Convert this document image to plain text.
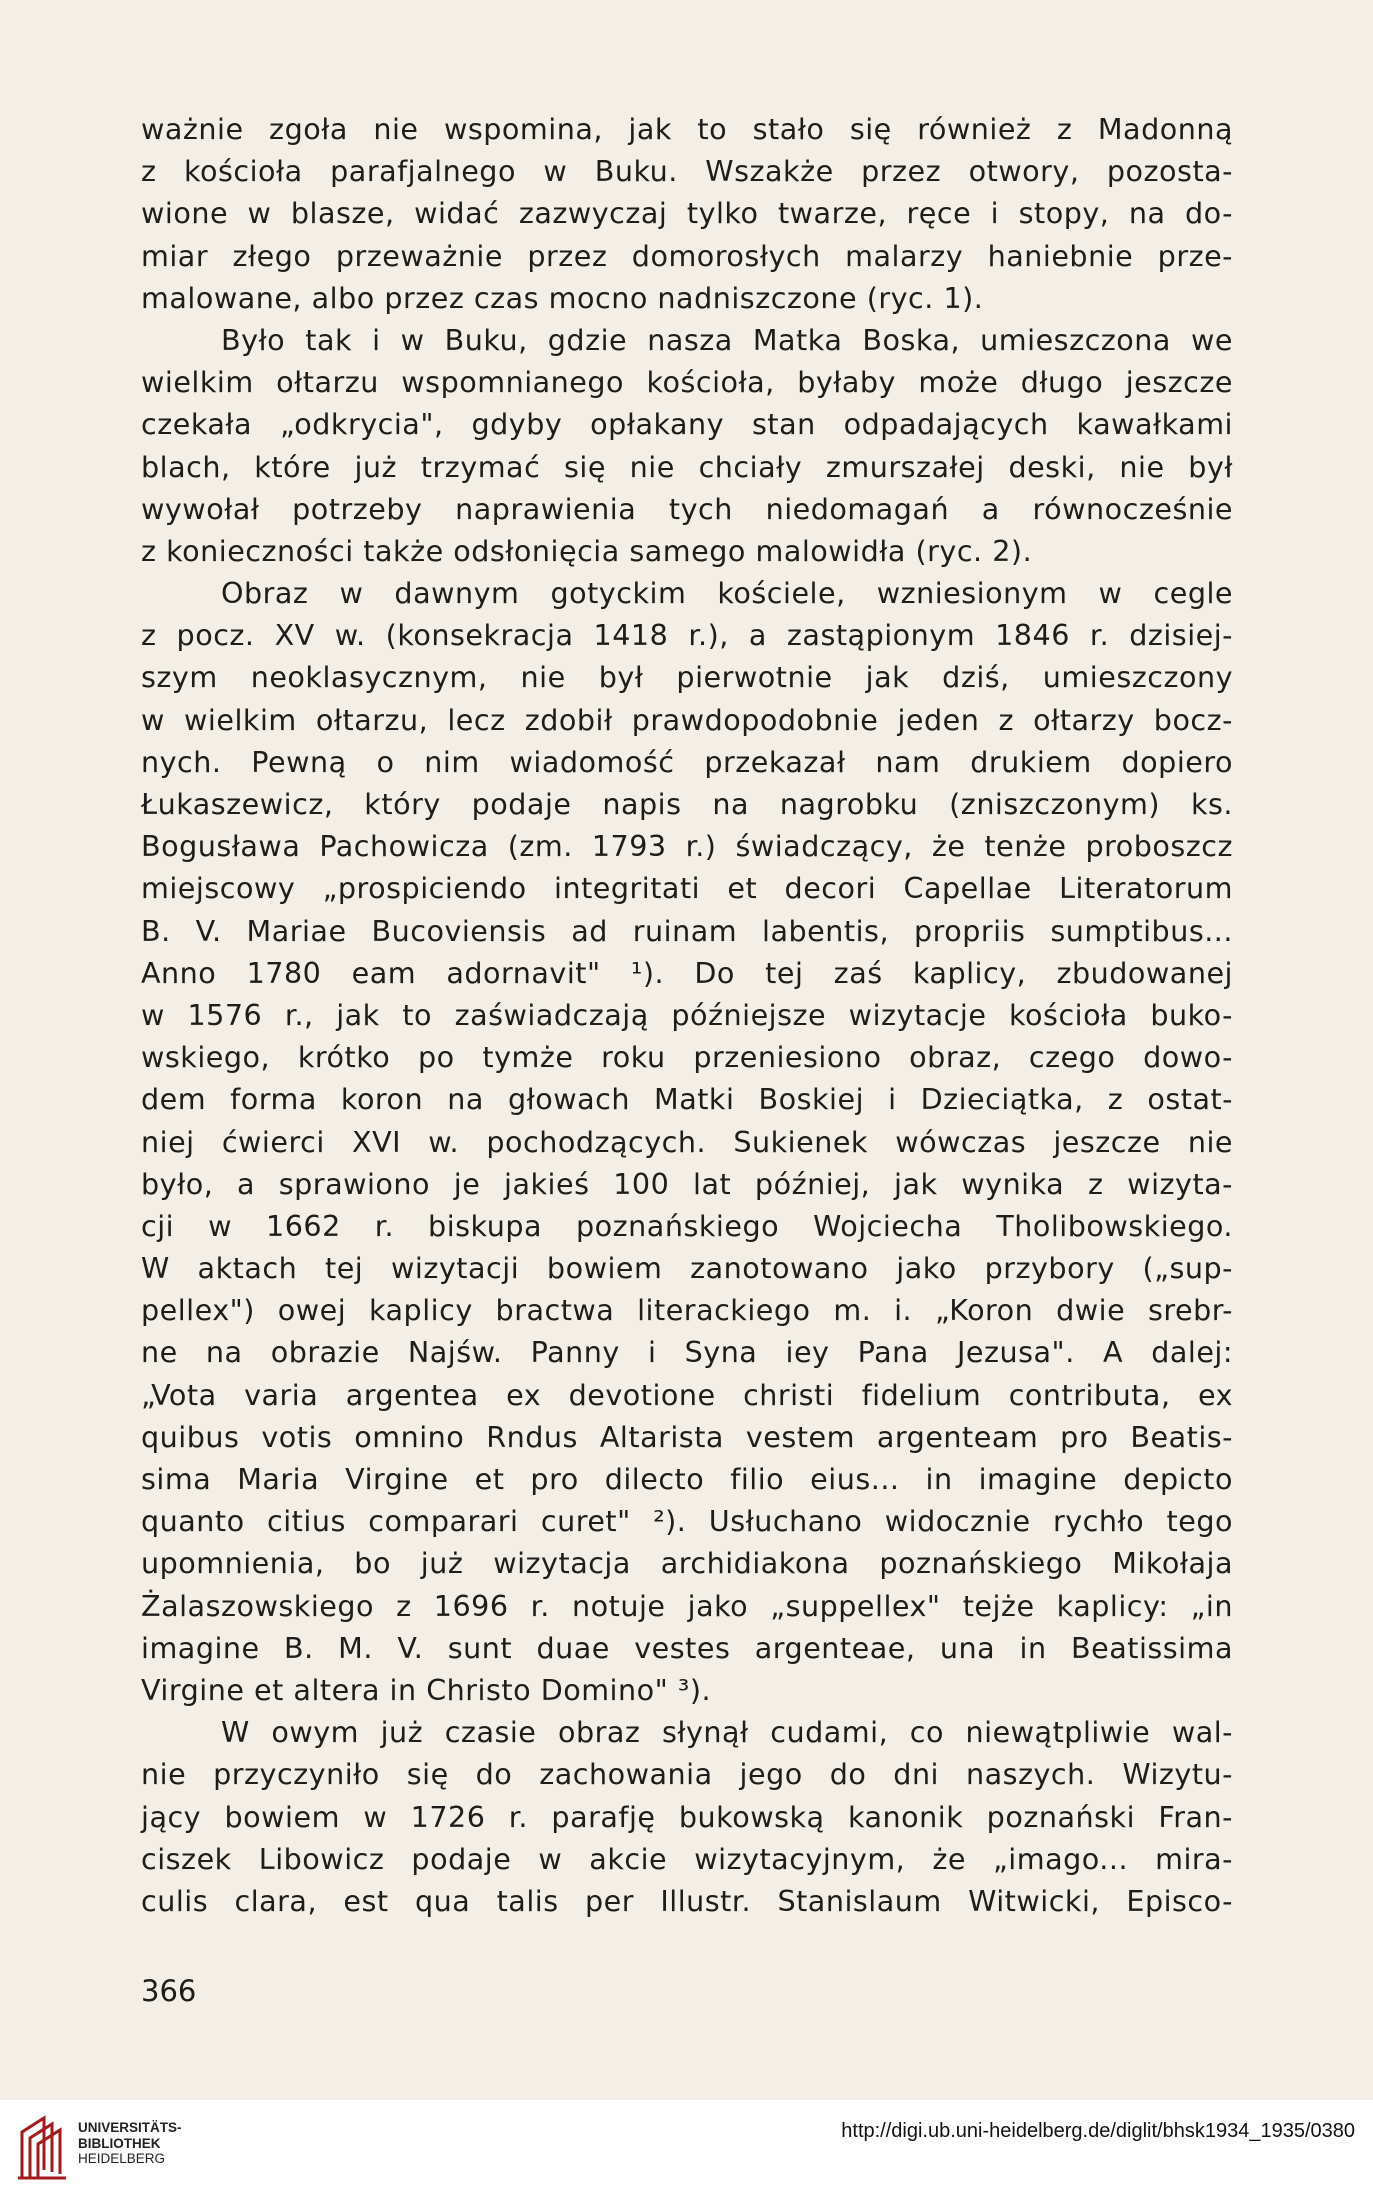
ważnie zgoła nie wspomina, jak to stało się również z Madonną
z kościoła parafjalnego w Buku. Wszakże przez otwory, pozosta-
wione w blasze, widać zazwyczaj tylko twarze, ręce i stopy, na do-
miar złego przeważnie przez domorosłych malarzy haniebnie prze-
malowane, albo przez czas mocno nadniszczone (ryc. 1).
Było tak i w Buku, gdzie nasza Matka Boska, umieszczona we
wielkim ołtarzu wspomnianego kościoła, byłaby może długo jeszcze
czekała „odkrycia", gdyby opłakany stan odpadających kawałkami
blach, które już trzymać się nie chciały zmurszałej deski, nie był
wywołał potrzeby naprawienia tych niedomagań a równocześnie
z konieczności także odsłonięcia samego malowidła (ryc. 2).
Obraz w dawnym gotyckim kościele, wzniesionym w cegle
z pocz. XV w. (konsekracja 1418 r.), a zastąpionym 1846 r. dzisiej-
szym neoklasycznym, nie był pierwotnie jak dziś, umieszczony
w wielkim ołtarzu, lecz zdobił prawdopodobnie jeden z ołtarzy bocz-
nych. Pewną o nim wiadomość przekazał nam drukiem dopiero
Łukaszewicz, który podaje napis na nagrobku (zniszczonym) ks.
Bogusława Pachowicza (zm. 1793 r.) świadczący, że tenże proboszcz
miejscowy „prospiciendo integritati et decori Capellae Literatorum
B. V. Mariae Bucoviensis ad ruinam labentis, propriis sumptibus...
Anno 1780 eam adornavit" ¹). Do tej zaś kaplicy, zbudowanej
w 1576 r., jak to zaświadczają późniejsze wizytacje kościoła buko-
wskiego, krótko po tymże roku przeniesiono obraz, czego dowo-
dem forma koron na głowach Matki Boskiej i Dzieciątka, z ostat-
niej ćwierci XVI w. pochodzących. Sukienek wówczas jeszcze nie
było, a sprawiono je jakieś 100 lat później, jak wynika z wizyta-
cji w 1662 r. biskupa poznańskiego Wojciecha Tholibowskiego.
W aktach tej wizytacji bowiem zanotowano jako przybory („sup-
pellex") owej kaplicy bractwa literackiego m. i. „Koron dwie srebr-
ne na obrazie Najśw. Panny i Syna iey Pana Jezusa". A dalej:
„Vota varia argentea ex devotione christi fidelium contributa, ex
quibus votis omnino Rndus Altarista vestem argenteam pro Beatis-
sima Maria Virgine et pro dilecto filio eius... in imagine depicto
quanto citius comparari curet" ²). Usłuchano widocznie rychło tego
upomnienia, bo już wizytacja archidiakona poznańskiego Mikołaja
Żalaszowskiego z 1696 r. notuje jako „suppellex" tejże kaplicy: „in
imagine B. M. V. sunt duae vestes argenteae, una in Beatissima
Virgine et altera in Christo Domino" ³).
W owym już czasie obraz słynął cudami, co niewątpliwie wal-
nie przyczyniło się do zachowania jego do dni naszych. Wizytu-
jący bowiem w 1726 r. parafję bukowską kanonik poznański Fran-
ciszek Libowicz podaje w akcie wizytacyjnym, że „imago... mira-
culis clara, est qua talis per Illustr. Stanislaum Witwicki, Episco-
366
UNIVERSITÄTS-
BIBLIOTHEK
HEIDELBERG
http://digi.ub.uni-heidelberg.de/diglit/bhsk1934_1935/0380
